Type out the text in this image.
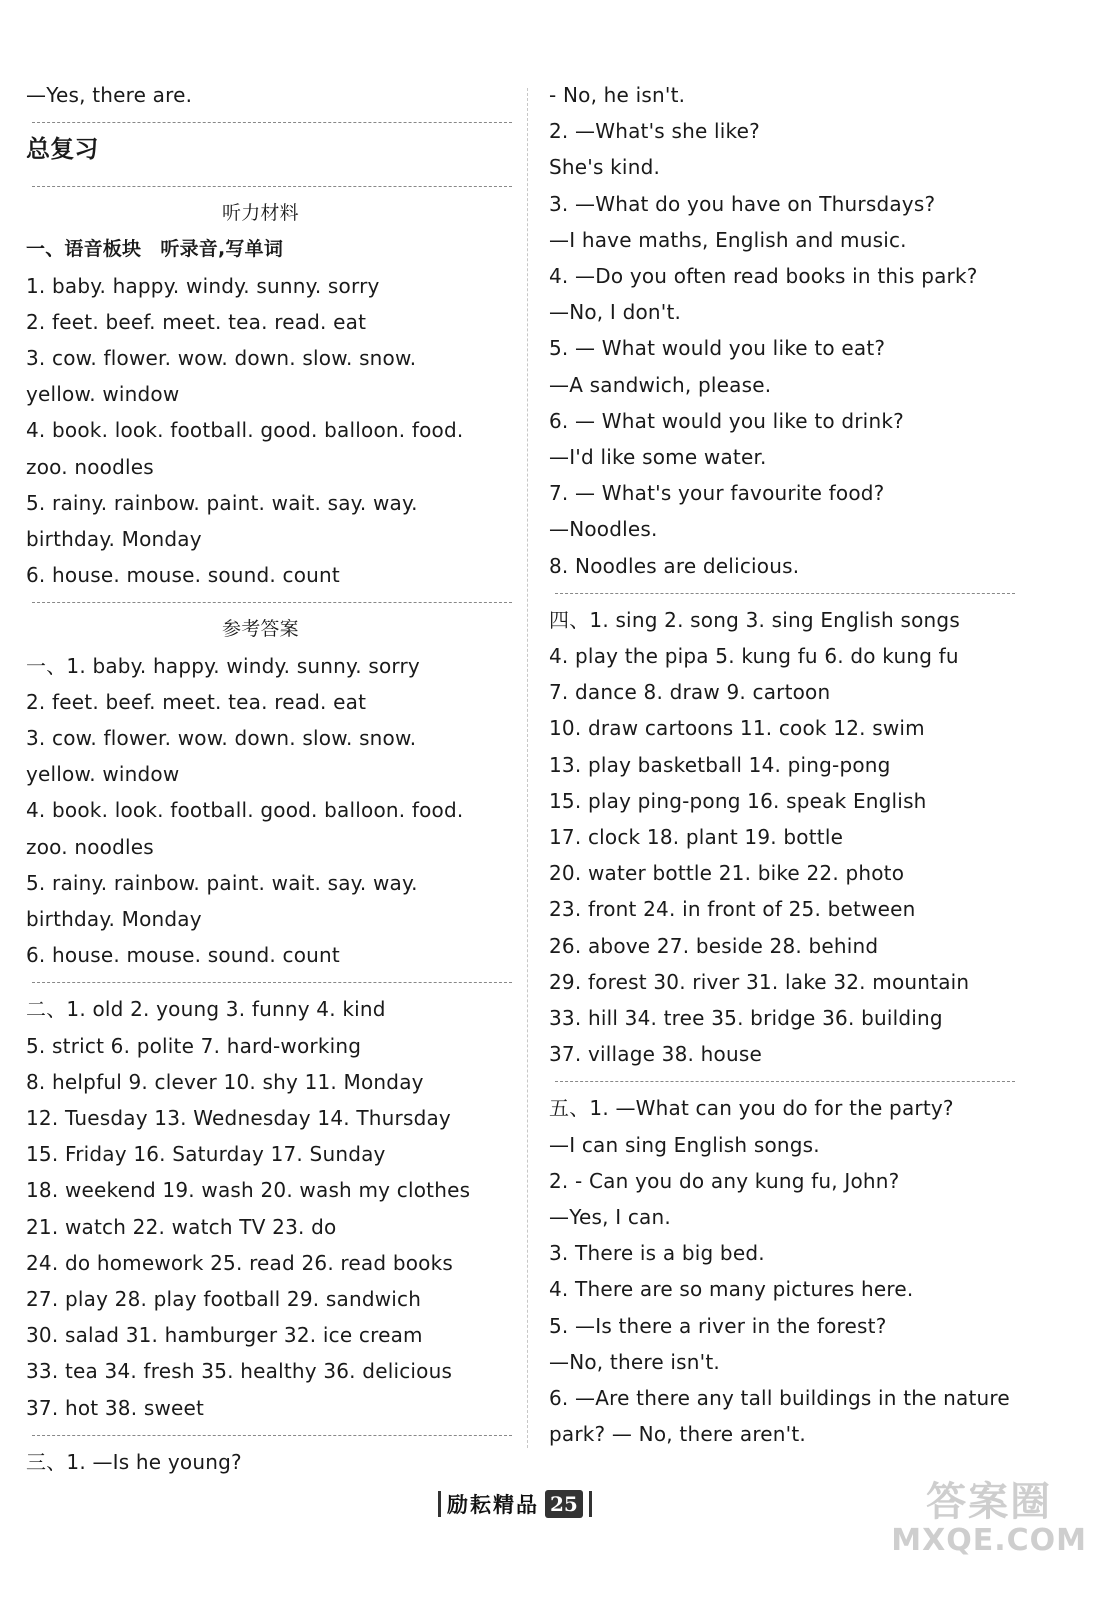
—Yes, there are.
总复习
听力材料
一、语音板块　听录音,写单词
1. baby. happy. windy. sunny. sorry
2. feet. beef. meet. tea. read. eat
3. cow. flower. wow. down. slow. snow.
yellow. window
4. book. look. football. good. balloon. food.
zoo. noodles
5. rainy. rainbow. paint. wait. say. way.
birthday. Monday
6. house. mouse. sound. count
参考答案
一、1. baby. happy. windy. sunny. sorry
2. feet. beef. meet. tea. read. eat
3. cow. flower. wow. down. slow. snow.
yellow. window
4. book. look. football. good. balloon. food.
zoo. noodles
5. rainy. rainbow. paint. wait. say. way.
birthday. Monday
6. house. mouse. sound. count
二、1. old 2. young 3. funny 4. kind
5. strict 6. polite 7. hard-working
8. helpful 9. clever 10. shy 11. Monday
12. Tuesday 13. Wednesday 14. Thursday
15. Friday 16. Saturday 17. Sunday
18. weekend 19. wash 20. wash my clothes
21. watch 22. watch TV 23. do
24. do homework 25. read 26. read books
27. play 28. play football 29. sandwich
30. salad 31. hamburger 32. ice cream
33. tea 34. fresh 35. healthy 36. delicious
37. hot 38. sweet
三、1. —Is he young?
- No, he isn't.
2. —What's she like?
She's kind.
3. —What do you have on Thursdays?
—I have maths, English and music.
4. —Do you often read books in this park?
—No, I don't.
5. — What would you like to eat?
—A sandwich, please.
6. — What would you like to drink?
—I'd like some water.
7. — What's your favourite food?
—Noodles.
8. Noodles are delicious.
四、1. sing 2. song 3. sing English songs
4. play the pipa 5. kung fu 6. do kung fu
7. dance 8. draw 9. cartoon
10. draw cartoons 11. cook 12. swim
13. play basketball 14. ping-pong
15. play ping-pong 16. speak English
17. clock 18. plant 19. bottle
20. water bottle 21. bike 22. photo
23. front 24. in front of 25. between
26. above 27. beside 28. behind
29. forest 30. river 31. lake 32. mountain
33. hill 34. tree 35. bridge 36. building
37. village 38. house
五、1. —What can you do for the party?
—I can sing English songs.
2. - Can you do any kung fu, John?
—Yes, I can.
3. There is a big bed.
4. There are so many pictures here.
5. —Is there a river in the forest?
—No, there isn't.
6. —Are there any tall buildings in the nature
park? — No, there aren't.
励耘精品 25	答案圈
MXQE.COM
